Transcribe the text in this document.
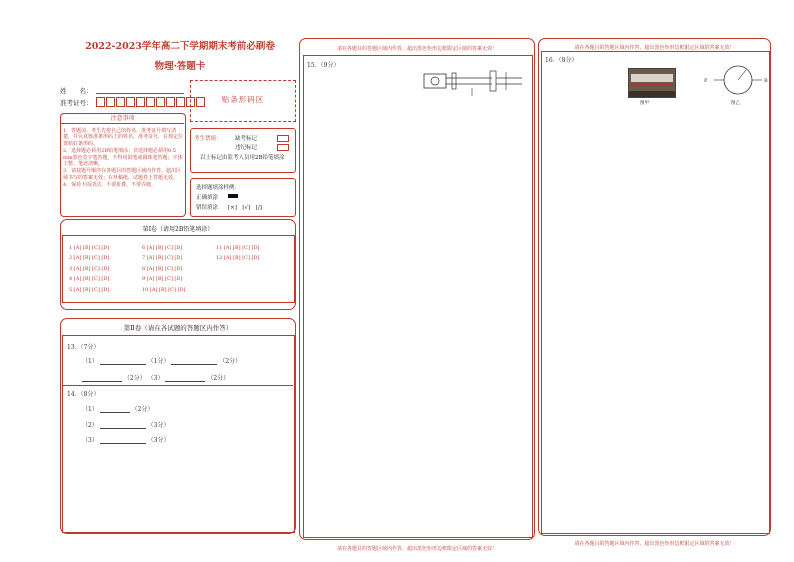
2022-2023学年高二下学期期末考前必刷卷
物理·答题卡
姓　　名：
准考证号：	贴条形码区
注意事项

1．答题前，考生先将自己的姓名，准考证号填写清楚，并认真核准条形码上的姓名、准考证号，在规定位置贴好条形码。

2．选择题必须用2B铅笔填涂；非选择题必须用0.5 mm黑色签字笔答题，不得用铅笔或圆珠笔答题；字体工整、笔迹清晰。

3．请按题号顺序在各题目的答题区域内作答，超出区域书写的答案无效；在草稿纸、试题卷上答题无效。

4．保持卡面清洁，不要折叠、不要弄破。

考生禁填： 缺考标记
违纪标记
以上标记由监考人员用2B铅笔填涂
选择题填涂样例：
正确填涂
错误填涂 [×]　[√]　[/]
第Ⅰ卷（请用2B铅笔填涂）
1 [A] [B] [C] [D]
2 [A] [B] [C] [D]
3 [A] [B] [C] [D]
4 [A] [B] [C] [D]
5 [A] [B] [C] [D]
6 [A] [B] [C] [D]
7 [A] [B] [C] [D]
8 [A] [B] [C] [D]
9 [A] [B] [C] [D]
10 [A] [B] [C] [D]
11 [A] [B] [C] [D]
12 [A] [B] [C] [D]
第Ⅱ卷（请在各试题的答题区内作答）
13．（7分）
（1）	（1分）	（2分）
（2分） （3）	（2分）
14．（8分）
（1）	（2分）
（2）	（3分）
（3）	（3分）
请在各题目的答题区域内作答，超出黑色矩形边框限定区域的答案无效！
15．（9分）
请在各题目的答题区域内作答，超出黑色矩形边框限定区域的答案无效！
请在各题目的答题区域内作答，超出黑色矩形边框限定区域的答案无效！
16．（8分）
图甲
P	B
图乙
请在各题目的答题区域内作答，超出黑色矩形边框限定区域的答案无效！
